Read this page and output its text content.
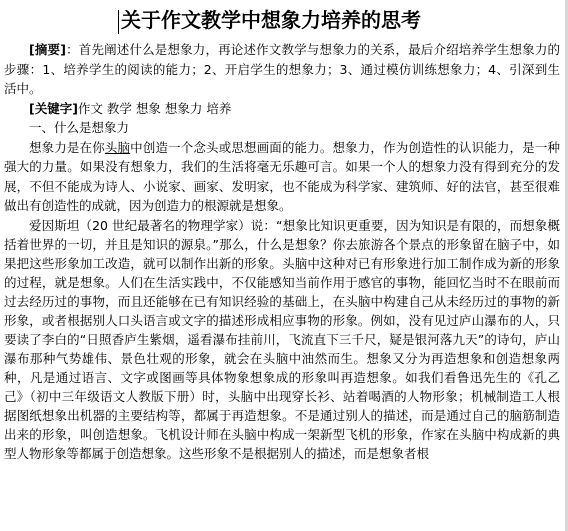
关于作文教学中想象力培养的思考

[摘要]：首先阐述什么是想象力，再论述作文教学与想象力的关系，最后介绍培养学生想象力的步骤：1、培养学生的阅读的能力；2、开启学生的想象力；3、通过模仿训练想象力；4、引深到生活中。

[关键字]作文 教学 想象 想象力 培养

一、什么是想象力

想象力是在你头脑中创造一个念头或思想画面的能力。想象力，作为创造性的认识能力，是一种强大的力量。如果没有想象力，我们的生活将毫无乐趣可言。如果一个人的想象力没有得到充分的发展，不但不能成为诗人、小说家、画家、发明家，也不能成为科学家、建筑师、好的法官，甚至很难做出有创造性的成就，因为创造力的根源就是想象。

爱因斯坦（20 世纪最著名的物理学家）说：“想象比知识更重要，因为知识是有限的，而想象概括着世界的一切，并且是知识的源泉。”那么，什么是想象？你去旅游各个景点的形象留在脑子中，如果把这些形象加工改造，就可以制作出新的形象。头脑中这种对已有形象进行加工制作成为新的形象的过程，就是想象。人们在生活实践中，不仅能感知当前作用于感官的事物，能回忆当时不在眼前而过去经历过的事物，而且还能够在已有知识经验的基础上，在头脑中构建自己从未经历过的事物的新形象，或者根据别人口头语言或文字的描述形成相应事物的形象。例如，没有见过庐山瀑布的人，只要读了李白的“日照香庐生紫烟，遥看瀑布挂前川，飞流直下三千尺，疑是银河落九天”的诗句，庐山瀑布那种气势雄伟、景色壮观的形象，就会在头脑中油然而生。想象又分为再造想象和创造想象两种，凡是通过语言、文字或图画等具体物象想象成的形象叫再造想象。如我们看鲁迅先生的《孔乙己》（初中三年级语文人教版下册）时，头脑中出现穿长衫、站着喝酒的人物形象；机械制造工人根据图纸想象出机器的主要结构等，都属于再造想象。不是通过别人的描述，而是通过自己的脑筋制造出来的形象，叫创造想象。飞机设计师在头脑中构成一架新型飞机的形象，作家在头脑中构成新的典型人物形象等都属于创造想象。这些形象不是根据别人的描述，而是想象者根
